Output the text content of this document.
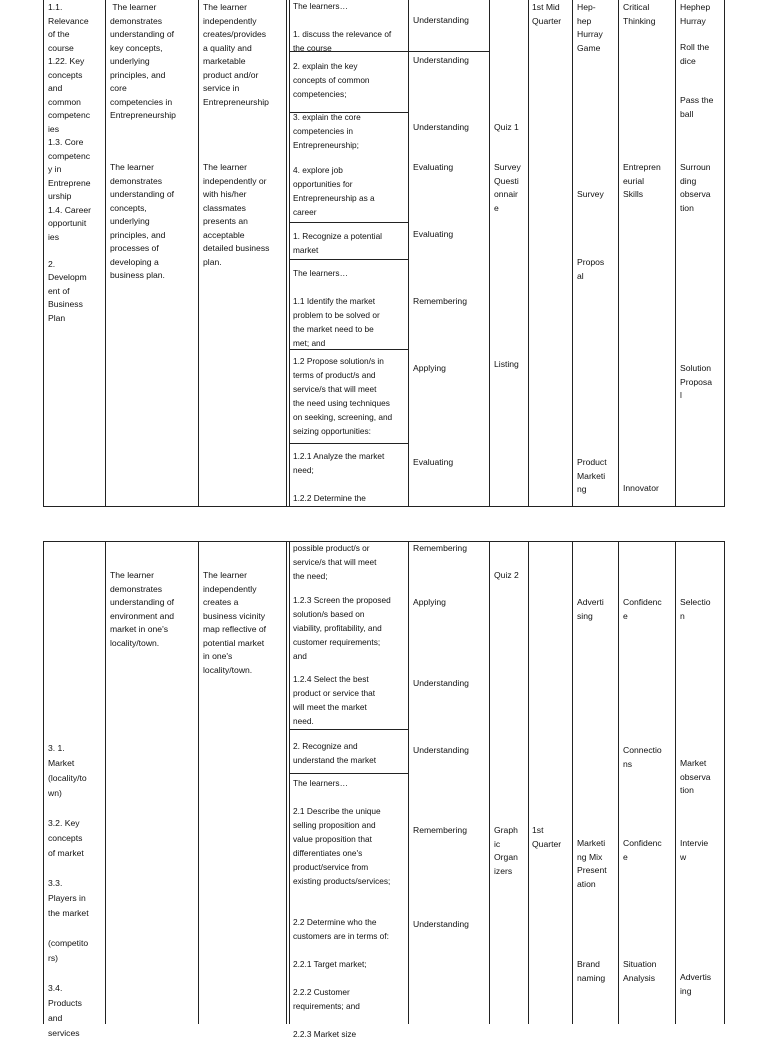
1.1.
Relevance
of the
course
1.22. Key
concepts
and
common
competenc
ies
1.3. Core
competenc
y in
Entreprene
urship
1.4. Career
opportunit
ies

2.
Developm
ent of
Business
Plan
The learner
demonstrates
understanding of
key concepts,
underlying
principles, and
core
competencies in
Entrepreneurship
The learner
demonstrates
understanding of
concepts,
underlying
principles, and
processes of
developing a
business plan.
The learner
independently
creates/provides
a quality and
marketable
product and/or
service in
Entrepreneurship
The learner
independently or
with his/her
classmates
presents an
acceptable
detailed business
plan.
The learners…

1. discuss the relevance of
the course
2. explain the key
concepts of common
competencies;
3. explain the core
competencies in
Entrepreneurship;
4. explore job
opportunities for
Entrepreneurship as a
career
1. Recognize a potential
market
The learners…

1.1 Identify the market
problem to be solved or
the market need to be
met; and
1.2 Propose solution/s in
terms of product/s and
service/s that will meet
the need using techniques
on seeking, screening, and
seizing opportunities:
1.2.1 Analyze the market
need;

1.2.2 Determine the
Understanding
Understanding
Understanding
Evaluating
Evaluating
Remembering
Applying
Evaluating
Quiz 1
Survey
Questi
onnair
e
Listing
1st Mid
Quarter
Hep-
hep
Hurray
Game
Survey
Propos
al
Product
Marketi
ng
Critical
Thinking
Entrepren
eurial
Skills
Innovator
Hephep
Hurray
Roll the
dice
Pass the
ball
Surroun
ding
observa
tion
Solution
Proposa
l
3. 1.
Market
(locality/to
wn)

3.2. Key
concepts
of market

3.3.
Players in
the market

(competito
rs)

3.4.
Products
and
services
The learner
demonstrates
understanding of
environment and
market in one's
locality/town.
The learner
independently
creates a
business vicinity
map reflective of
potential market
in one's
locality/town.
possible product/s or
service/s that will meet
the need;
1.2.3 Screen the proposed
solution/s based on
viability, profitability, and
customer requirements;
and
1.2.4 Select the best
product or service that
will meet the market
need.
2. Recognize and
understand the market
The learners…

2.1 Describe the unique
selling proposition and
value proposition that
differentiates one's
product/service from
existing products/services;
2.2 Determine who the
customers are in terms of:

2.2.1 Target market;

2.2.2 Customer
requirements; and

2.2.3 Market size
Remembering
Applying
Understanding
Understanding
Remembering
Understanding
Quiz 2
Graph
ic
Organ
izers
1st
Quarter
Adverti
sing
Marketi
ng Mix
Present
ation
Brand
naming
Confidenc
e
Connectio
ns
Confidenc
e
Situation
Analysis
Selectio
n
Market
observa
tion
Intervie
w
Advertis
ing
